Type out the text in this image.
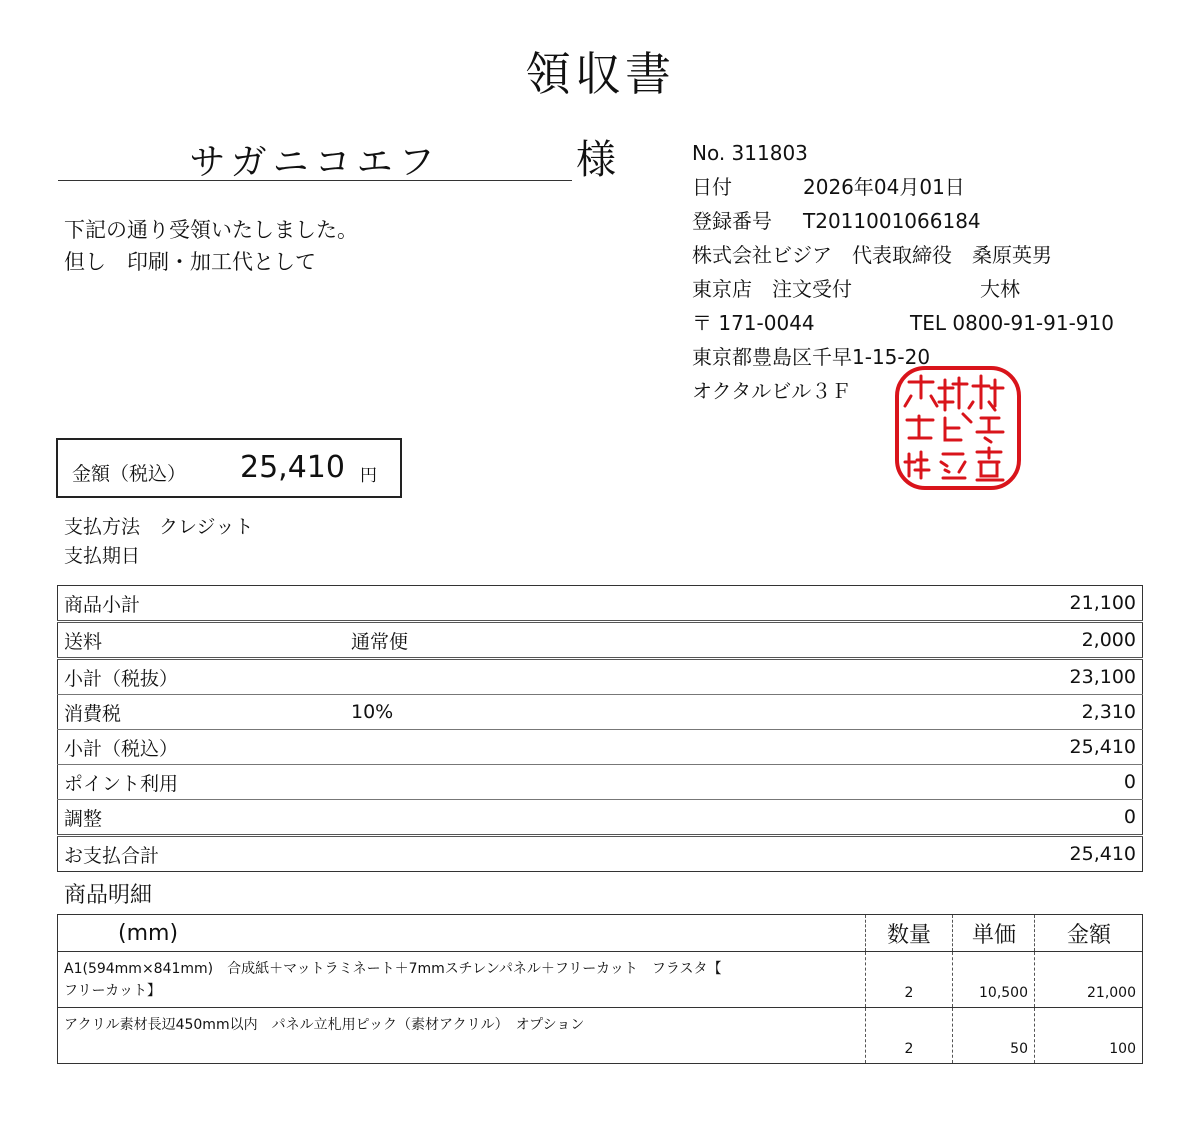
領収書
サガニコエフ	様
下記の通り受領いたしました。
但し　印刷・加工代として
No. 311803
日付	2026年04月01日
登録番号 T2011001066184
株式会社ビジア　代表取締役　桑原英男
東京店　注文受付	大林
〒 171-0044	TEL 0800-91-91-910
東京都豊島区千早1-15-20
オクタルビル３Ｆ
金額（税込） 25,410 円
支払方法　クレジット
支払期日
商品小計		21,100
送料	通常便	2,000
小計（税抜）		23,100
消費税	10%	2,310
小計（税込）		25,410
ポイント利用		0
調整		0
お支払合計		25,410
商品明細
(mm)	数量	単価	金額

A1(594mm×841mm)　合成紙＋マットラミネート＋7mmスチレンパネル＋フリーカット　フラスタ【
フリーカット】	2	10,500	21,000

アクリル素材長辺450mm以内　パネル立札用ピック（素材アクリル）　オプション	2	50	100
